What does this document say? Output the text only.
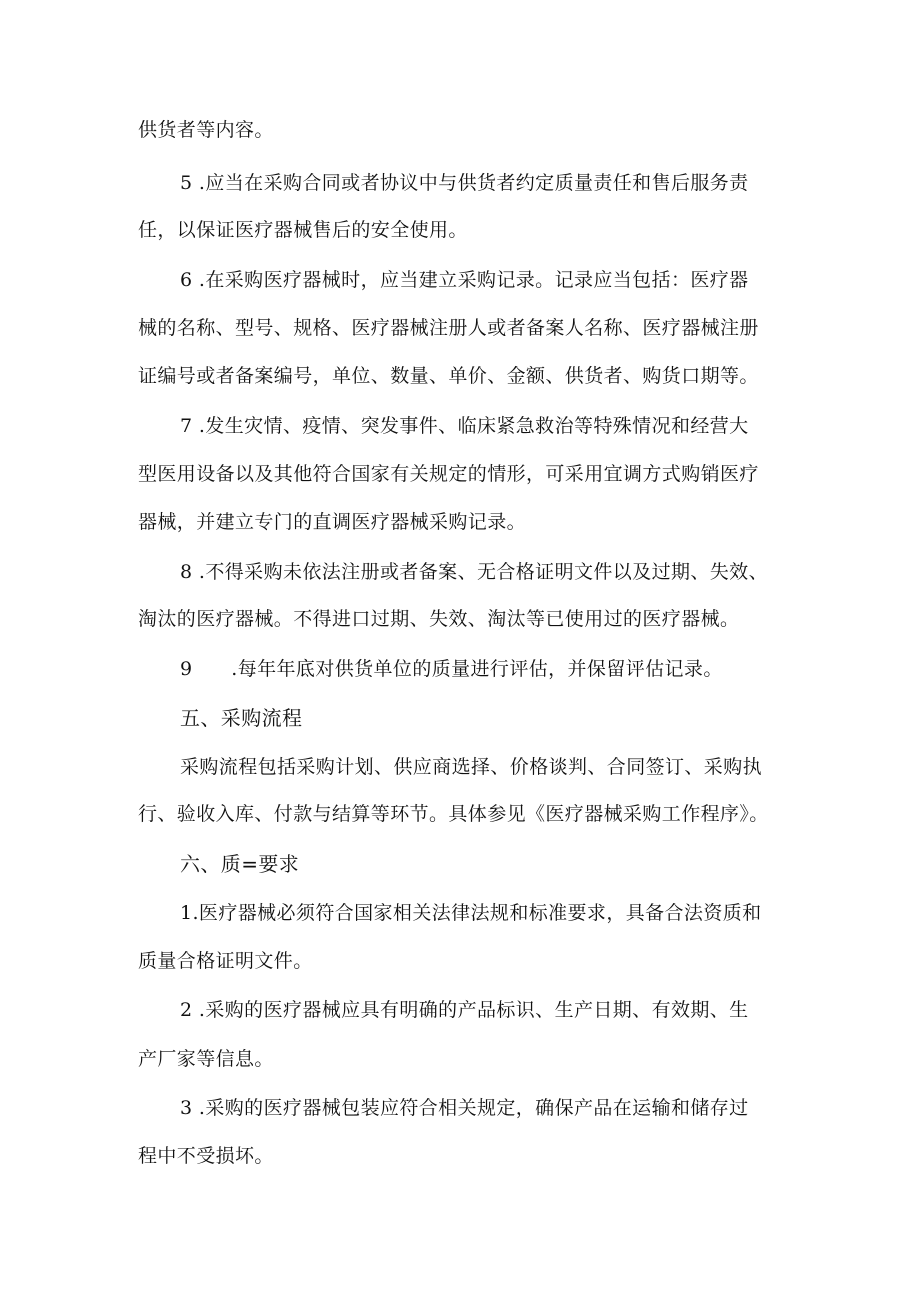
供货者等内容。
5 .应当在采购合同或者协议中与供货者约定质量责任和售后服务责
任，以保证医疗器械售后的安全使用。
6 .在采购医疗器械时，应当建立采购记录。记录应当包括：医疗器
械的名称、型号、规格、医疗器械注册人或者备案人名称、医疗器械注册
证编号或者备案编号，单位、数量、单价、金额、供货者、购货口期等。
7 .发生灾情、疫情、突发事件、临床紧急救治等特殊情况和经营大
型医用设备以及其他符合国家有关规定的情形，可采用宜调方式购销医疗
器械，并建立专门的直调医疗器械采购记录。
8 .不得采购未依法注册或者备案、无合格证明文件以及过期、失效、
淘汰的医疗器械。不得进口过期、失效、淘汰等已使用过的医疗器械。
9　　.每年年底对供货单位的质量进行评估，并保留评估记录。
五、采购流程
采购流程包括采购计划、供应商选择、价格谈判、合同签订、采购执
行、验收入库、付款与结算等环节。具体参见《医疗器械采购工作程序》。
六、质=要求
1.医疗器械必须符合国家相关法律法规和标准要求，具备合法资质和
质量合格证明文件。
2 .采购的医疗器械应具有明确的产品标识、生产日期、有效期、生
产厂家等信息。
3 .采购的医疗器械包装应符合相关规定，确保产品在运输和储存过
程中不受损坏。
